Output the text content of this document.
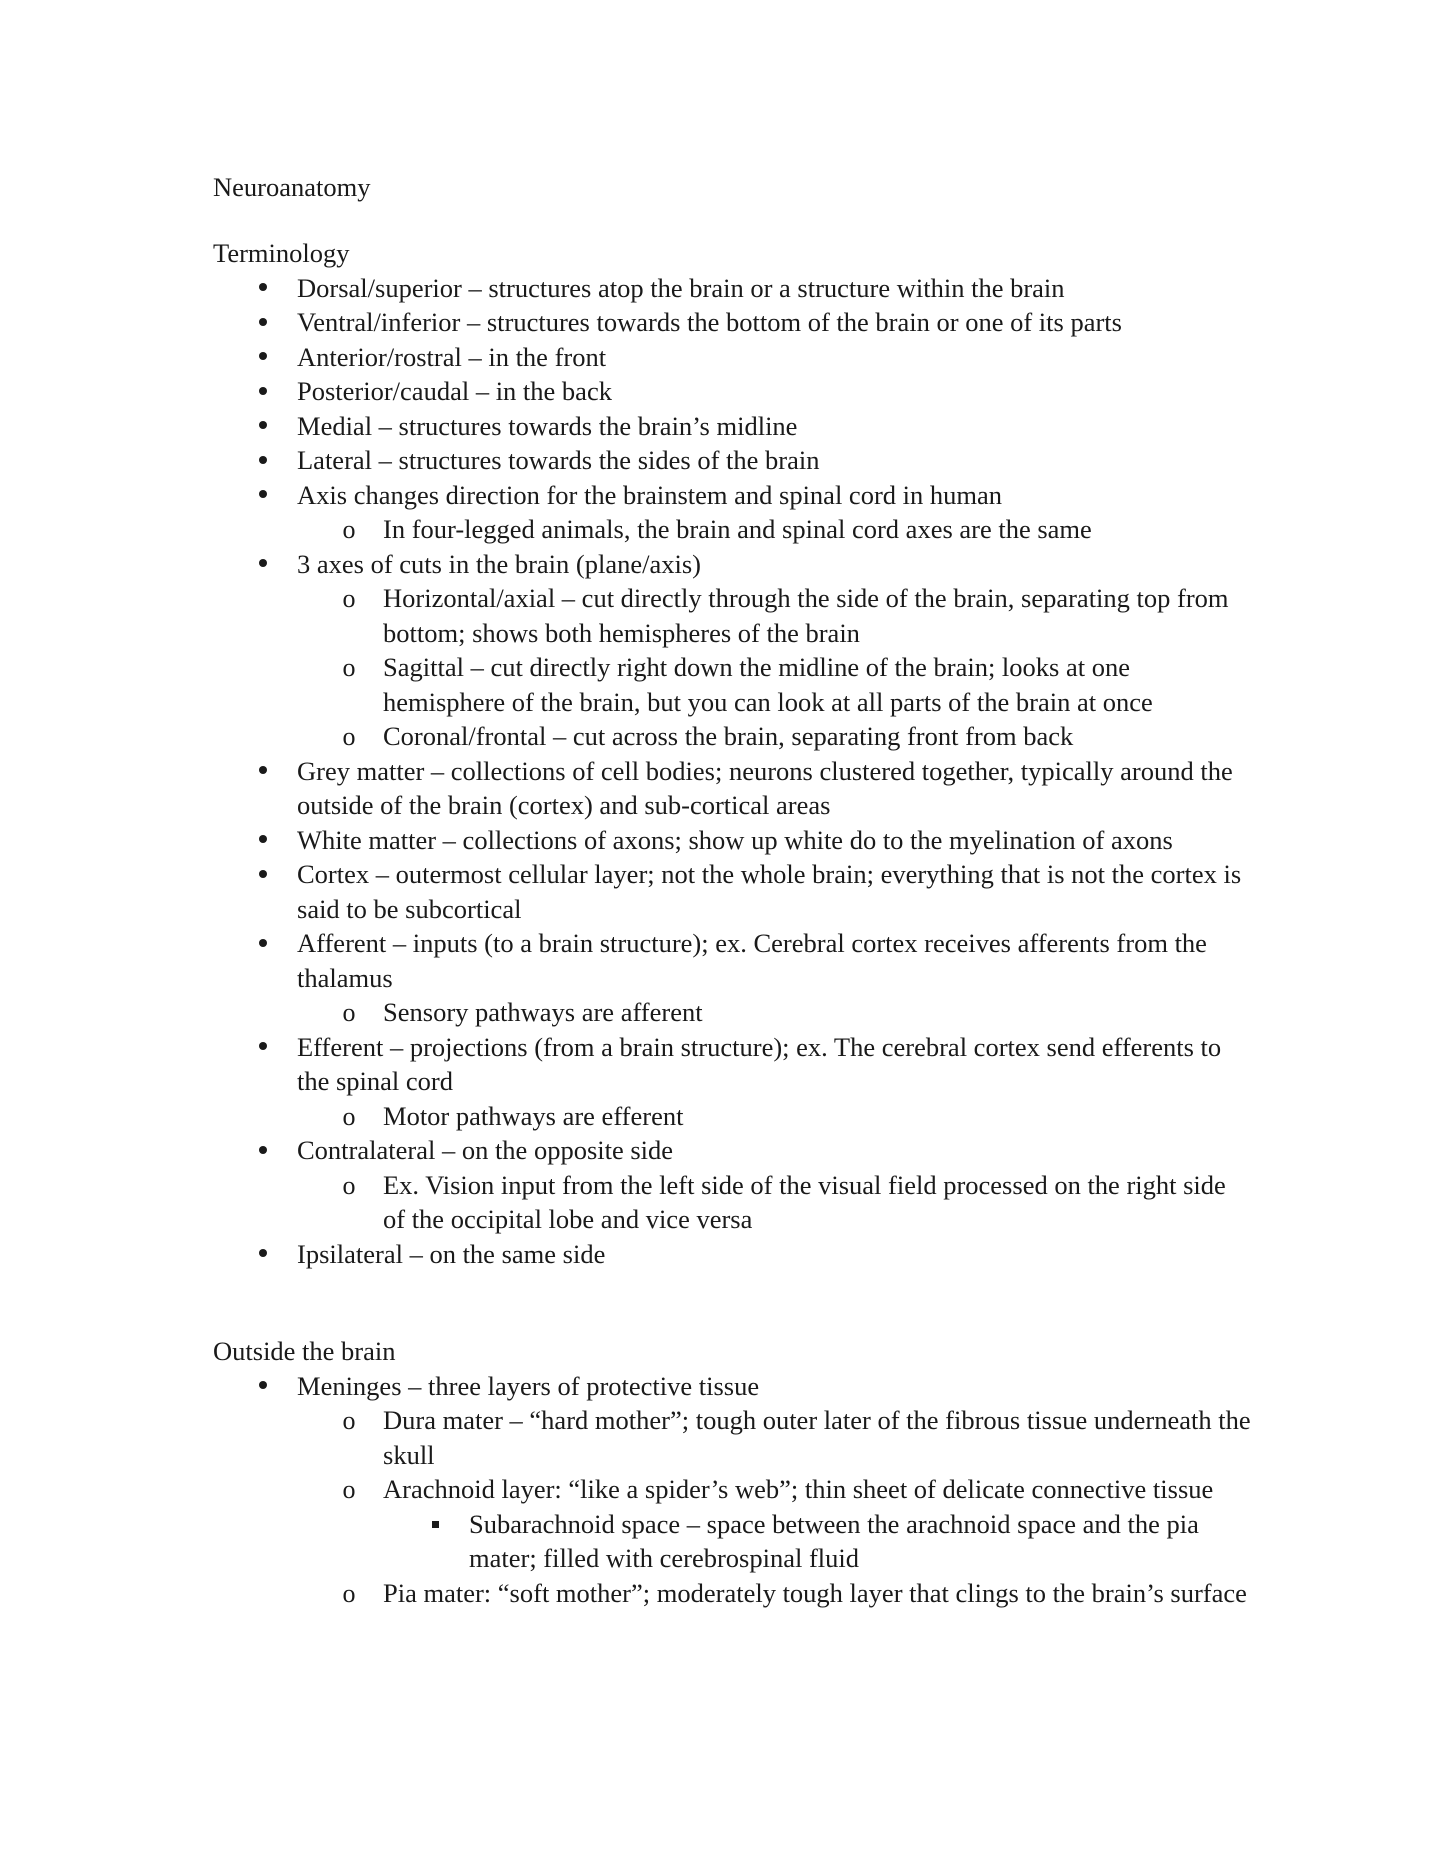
Neuroanatomy

Terminology

Dorsal/superior – structures atop the brain or a structure within the brain
Ventral/inferior – structures towards the bottom of the brain or one of its parts
Anterior/rostral – in the front
Posterior/caudal – in the back
Medial – structures towards the brain’s midline
Lateral – structures towards the sides of the brain
Axis changes direction for the brainstem and spinal cord in human
o	In four-legged animals, the brain and spinal cord axes are the same
3 axes of cuts in the brain (plane/axis)
o	Horizontal/axial – cut directly through the side of the brain, separating top from bottom; shows both hemispheres of the brain
o	Sagittal – cut directly right down the midline of the brain; looks at one hemisphere of the brain, but you can look at all parts of the brain at once
o	Coronal/frontal – cut across the brain, separating front from back
Grey matter – collections of cell bodies; neurons clustered together, typically around the outside of the brain (cortex) and sub-cortical areas
White matter – collections of axons; show up white do to the myelination of axons
Cortex – outermost cellular layer; not the whole brain; everything that is not the cortex is said to be subcortical
Afferent – inputs (to a brain structure); ex. Cerebral cortex receives afferents from the thalamus
o	Sensory pathways are afferent
Efferent – projections (from a brain structure); ex. The cerebral cortex send efferents to the spinal cord
o	Motor pathways are efferent
Contralateral – on the opposite side
o	Ex. Vision input from the left side of the visual field processed on the right side of the occipital lobe and vice versa
Ipsilateral – on the same side

Outside the brain

Meninges – three layers of protective tissue
o	Dura mater – “hard mother”; tough outer later of the fibrous tissue underneath the skull
o	Arachnoid layer: “like a spider’s web”; thin sheet of delicate connective tissue
Subarachnoid space – space between the arachnoid space and the pia mater; filled with cerebrospinal fluid
o	Pia mater: “soft mother”; moderately tough layer that clings to the brain’s surface
